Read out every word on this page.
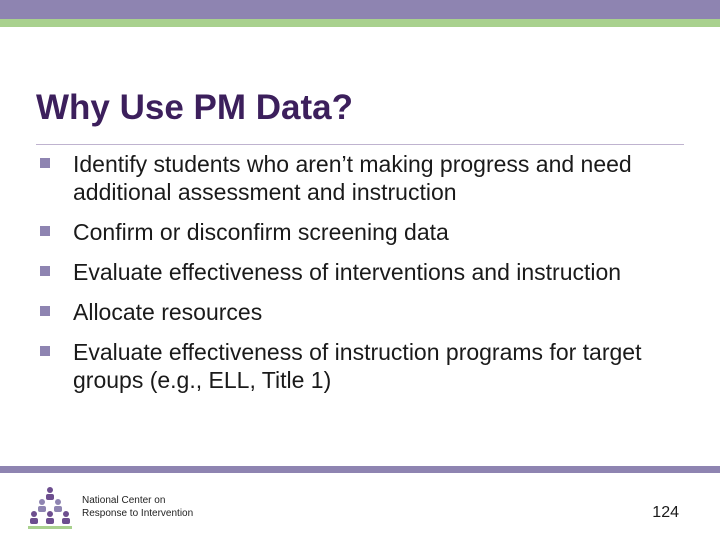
Why Use PM Data?
Identify students who aren’t making progress and need additional assessment and instruction
Confirm or disconfirm screening data
Evaluate effectiveness of interventions and instruction
Allocate resources
Evaluate effectiveness of instruction programs for target groups (e.g., ELL, Title 1)
National Center on
Response to Intervention	124
